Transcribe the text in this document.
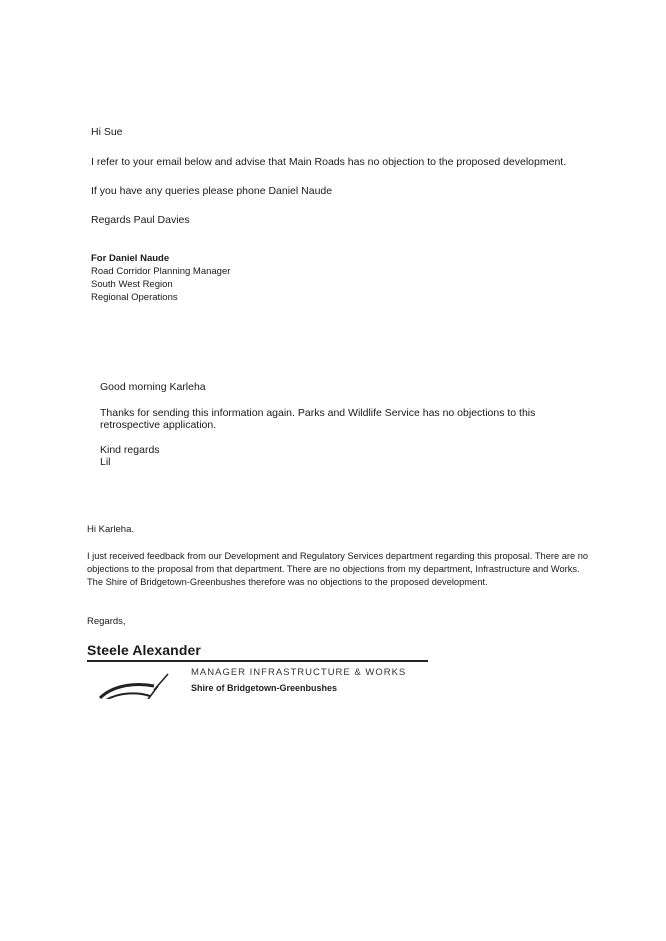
Hi Sue
I refer to your email below and advise that Main Roads has no objection to the proposed development.
If you have any queries please phone Daniel Naude
Regards Paul Davies
For Daniel Naude
Road Corridor Planning Manager
South West Region
Regional Operations
Good morning Karleha
Thanks for sending this information again. Parks and Wildlife Service has no objections to this
retrospective application.
Kind regards
Lil
Hi Karleha.
I just received feedback from our Development and Regulatory Services department regarding this proposal. There are no objections to the proposal from that department. There are no objections from my department, Infrastructure and Works. The Shire of Bridgetown-Greenbushes therefore was no objections to the proposed development.
Regards,
Steele Alexander
MANAGER INFRASTRUCTURE & WORKS
Shire of Bridgetown-Greenbushes
